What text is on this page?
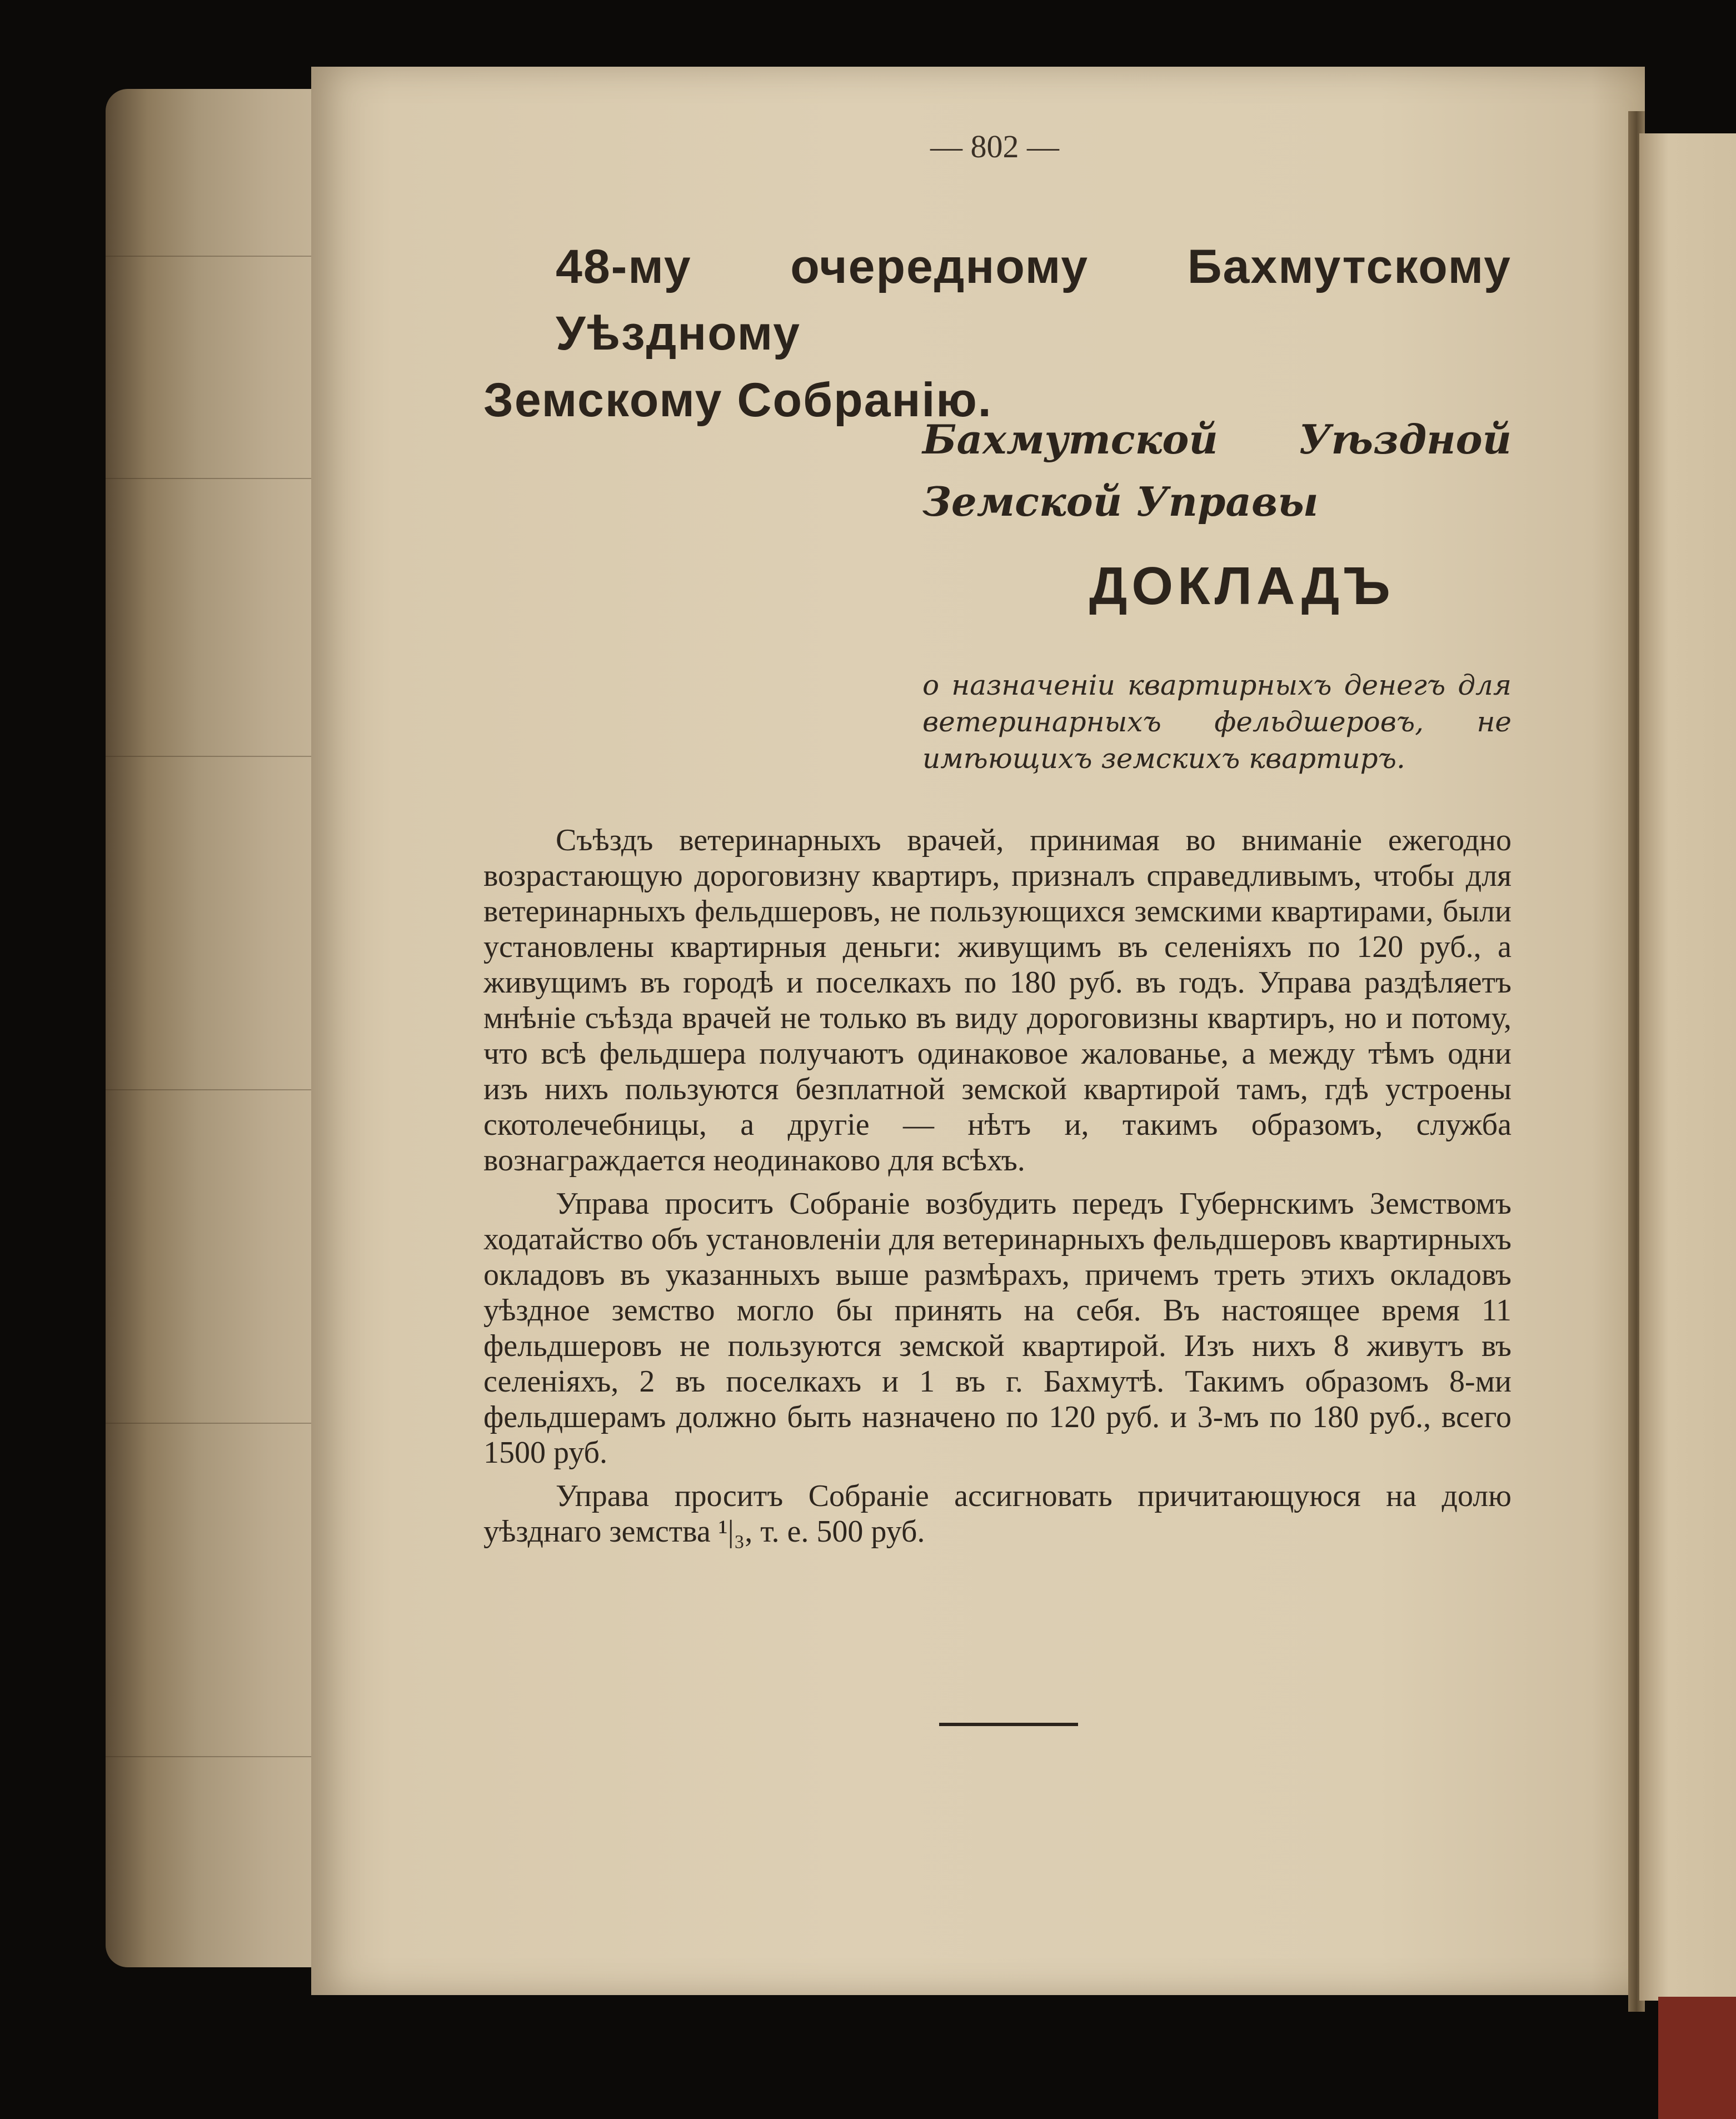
— 802 —
48-му очередному Бахмутскому Уѣздному
Земскому Собранію.
Бахмутской Уѣздной Земской Управы
ДОКЛАДЪ
о назначеніи квартирныхъ денегъ для ветеринарныхъ фельдшеровъ, не имѣющихъ земскихъ квартиръ.

Съѣздъ ветеринарныхъ врачей, принимая во вниманіе ежегодно возрастающую дороговизну квартиръ, призналъ справедливымъ, чтобы для ветеринарныхъ фельдшеровъ, не пользующихся земскими квартирами, были установлены квартирныя деньги: живущимъ въ селеніяхъ по 120 руб., а живущимъ въ городѣ и поселкахъ по 180 руб. въ годъ. Управа раздѣляетъ мнѣніе съѣзда врачей не только въ виду дороговизны квартиръ, но и потому, что всѣ фельдшера получаютъ одинаковое жалованье, а между тѣмъ одни изъ нихъ пользуются безплатной земской квартирой тамъ, гдѣ устроены скотолечебницы, а другіе — нѣтъ и, такимъ образомъ, служба вознаграждается неодинаково для всѣхъ.

Управа проситъ Собраніе возбудить передъ Губернскимъ Земствомъ ходатайство объ установленіи для ветеринарныхъ фельдшеровъ квартирныхъ окладовъ въ указанныхъ выше размѣрахъ, причемъ треть этихъ окладовъ уѣздное земство могло бы принять на себя. Въ настоящее время 11 фельдшеровъ не пользуются земской квартирой. Изъ нихъ 8 живутъ въ селеніяхъ, 2 въ поселкахъ и 1 въ г. Бахмутѣ. Такимъ образомъ 8-ми фельдшерамъ должно быть назначено по 120 руб. и 3-мъ по 180 руб., всего 1500 руб.

Управа проситъ Собраніе ассигновать причитающуюся на долю уѣзднаго земства ¹|₃, т. е. 500 руб.
